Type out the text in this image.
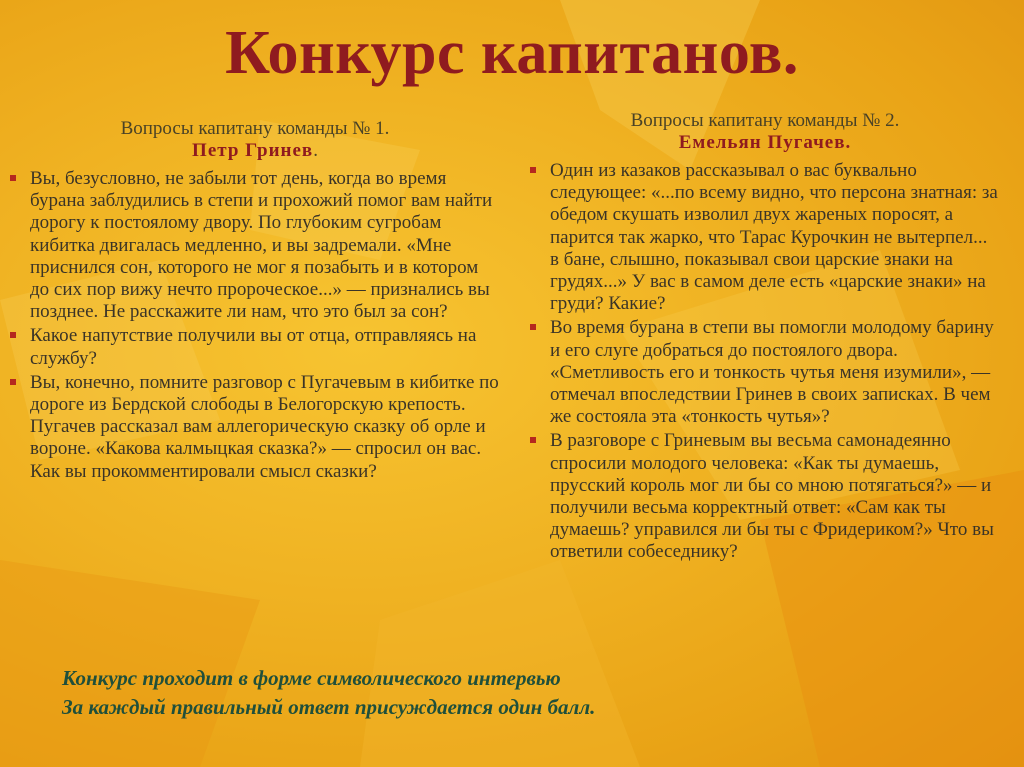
Конкурс капитанов.
Вопросы капитану команды № 1.
Петр Гринев.
Вы, безусловно, не забыли тот день, когда во время бурана заблудились в степи и прохожий помог вам найти дорогу к постоялому двору. По глубоким сугробам кибитка двигалась медленно, и вы задремали. «Мне приснился сон, которого не мог я позабыть и в котором до сих пор вижу нечто пророческое...» — признались вы позднее. Не расскажите ли нам, что это был за сон?
Какое напутствие получили вы от отца, отправляясь на службу?
Вы, конечно, помните разговор с Пугачевым в кибитке по дороге из Бердской слободы в Белогорскую крепость. Пугачев рассказал вам аллегорическую сказку об орле и вороне. «Какова калмыцкая сказка?» — спросил он вас. Как вы прокомментировали смысл сказки?
Вопросы капитану команды № 2.
Емельян Пугачев.
Один из казаков рассказывал о вас буквально следующее: «...по всему видно, что персона знатная: за обедом скушать изволил двух жареных поросят, а парится так жарко, что Тарас Курочкин не вытерпел... в бане, слышно, показывал свои царские знаки на грудях...» У вас в самом деле есть «царские знаки» на груди? Какие?
Во время бурана в степи вы помогли молодому барину и его слуге добраться до постоялого двора. «Сметливость его и тонкость чутья меня изумили», — отмечал впоследствии Гринев в своих записках. В чем же состояла эта «тонкость чутья»?
В разговоре с Гриневым вы весьма самонадеянно спросили молодого человека: «Как ты думаешь, прусский король мог ли бы со мною потягаться?» — и получили весьма корректный ответ: «Сам как ты думаешь? управился ли бы ты с Фридериком?» Что вы ответили собеседнику?
Конкурс проходит в форме символического интервью
За каждый правильный ответ присуждается один балл.
